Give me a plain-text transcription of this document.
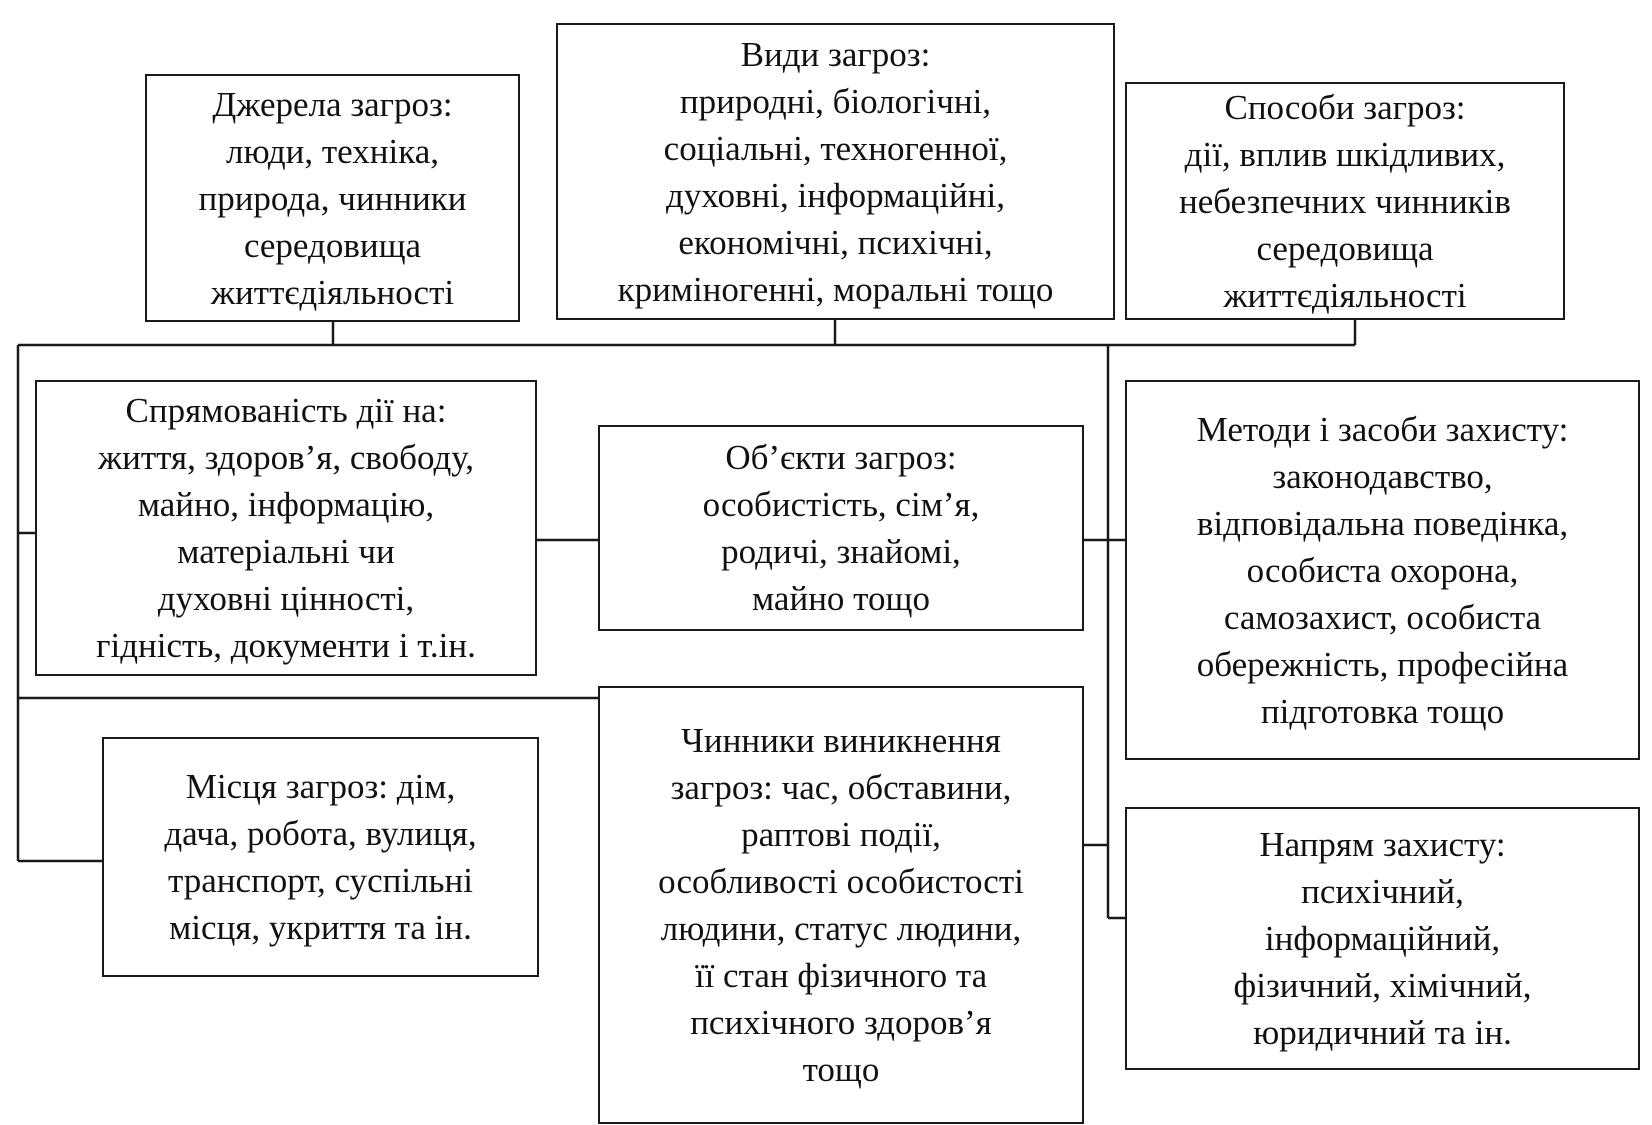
Види загроз:
природні, біологічні,
соціальні, техногенної,
духовні, інформаційні,
економічні, психічні,
криміногенні, моральні тощо
Джерела загроз:
люди, техніка,
природа, чинники
середовища
життєдіяльності
Способи загроз:
дії, вплив шкідливих,
небезпечних чинників
середовища
життєдіяльності
Спрямованість дії на:
життя, здоров’я, свободу,
майно, інформацію,
матеріальні чи
духовні цінності,
гідність, документи і т.ін.
Об’єкти загроз:
особистість, сім’я,
родичі, знайомі,
майно тощо
Методи і засоби захисту:
законодавство,
відповідальна поведінка,
особиста охорона,
самозахист, особиста
обережність, професійна
підготовка тощо
Місця загроз: дім,
дача, робота, вулиця,
транспорт, суспільні
місця, укриття та ін.
Чинники виникнення
загроз: час, обставини,
раптові події,
особливості особистості
людини, статус людини,
її стан фізичного та
психічного здоров’я
тощо
Напрям захисту:
психічний,
інформаційний,
фізичний, хімічний,
юридичний та ін.
